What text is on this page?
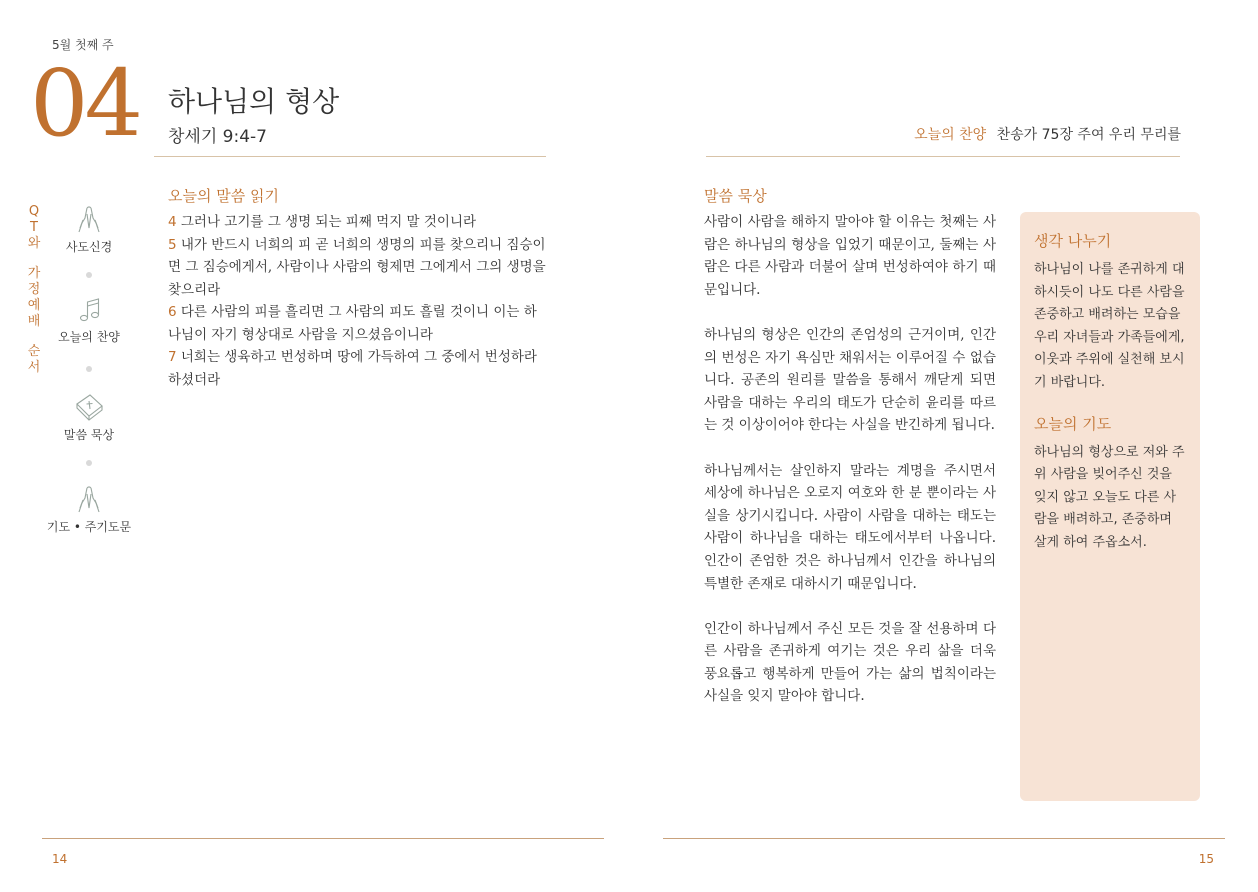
5월 첫째 주
04 하나님의 형상
창세기 9:4-7	오늘의 찬양 찬송가 75장 주여 우리 무리를
Q
T
와
가
정
예
배
순
서
사도신경
오늘의 찬양
말씀 묵상
기도 • 주기도문
오늘의 말씀 읽기
4 그러나 고기를 그 생명 되는 피째 먹지 말 것이니라
5 내가 반드시 너희의 피 곧 너희의 생명의 피를 찾으리니 짐승이면 그 짐승에게서, 사람이나 사람의 형제면 그에게서 그의 생명을 찾으리라
6 다른 사람의 피를 흘리면 그 사람의 피도 흘릴 것이니 이는 하나님이 자기 형상대로 사람을 지으셨음이니라
7 너희는 생육하고 번성하며 땅에 가득하여 그 중에서 번성하라 하셨더라
말씀 묵상

사람이 사람을 해하지 말아야 할 이유는 첫째는 사람은 하나님의 형상을 입었기 때문이고, 둘째는 사람은 다른 사람과 더불어 살며 번성하여야 하기 때문입니다.

하나님의 형상은 인간의 존엄성의 근거이며, 인간의 번성은 자기 욕심만 채워서는 이루어질 수 없습니다. 공존의 원리를 말씀을 통해서 깨닫게 되면 사람을 대하는 우리의 태도가 단순히 윤리를 따르는 것 이상이어야 한다는 사실을 반긴하게 됩니다.

하나님께서는 살인하지 말라는 계명을 주시면서 세상에 하나님은 오로지 여호와 한 분 뿐이라는 사실을 상기시킵니다. 사람이 사람을 대하는 태도는 사람이 하나님을 대하는 태도에서부터 나옵니다. 인간이 존엄한 것은 하나님께서 인간을 하나님의 특별한 존재로 대하시기 때문입니다.

인간이 하나님께서 주신 모든 것을 잘 선용하며 다른 사람을 존귀하게 여기는 것은 우리 삶을 더욱 풍요롭고 행복하게 만들어 가는 삶의 법칙이라는 사실을 잊지 말아야 합니다.

생각 나누기
하나님이 나를 존귀하게 대하시듯이 나도 다른 사람을 존중하고 배려하는 모습을 우리 자녀들과 가족들에게, 이웃과 주위에 실천해 보시기 바랍니다.
오늘의 기도
하나님의 형상으로 저와 주위 사람을 빚어주신 것을 잊지 않고 오늘도 다른 사람을 배려하고, 존중하며 살게 하여 주옵소서.
14	15
